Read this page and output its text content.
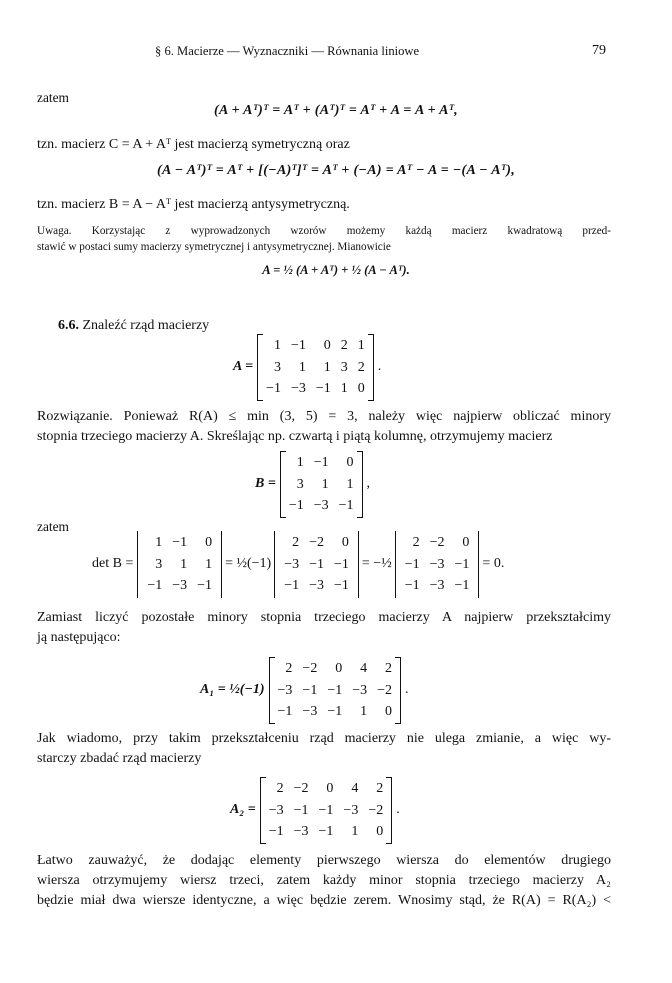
§ 6. Macierze — Wyznaczniki — Równania liniowe	79
zatem
(A + Aᵀ)ᵀ = Aᵀ + (Aᵀ)ᵀ = Aᵀ + A = A + Aᵀ,
tzn. macierz C = A + Aᵀ jest macierzą symetryczną oraz
(A − Aᵀ)ᵀ = Aᵀ + [(−A)ᵀ]ᵀ = Aᵀ + (−A) = Aᵀ − A = −(A − Aᵀ),
tzn. macierz B = A − Aᵀ jest macierzą antysymetryczną.
Uwaga. Korzystając z wyprowadzonych wzorów możemy każdą macierz kwadratową przed-
stawić w postaci sumy macierzy symetrycznej i antysymetrycznej. Mianowicie
A = ½ (A + Aᵀ) + ½ (A − Aᵀ).
6.6. Znaleźć rząd macierzy
A =
1	−1	0	2	1
3	1	1	3	2
−1	−3	−1	1	0
.
Rozwiązanie. Ponieważ R(A) ≤ min (3, 5) = 3, należy więc najpierw obliczać minory
stopnia trzeciego macierzy A. Skreślając np. czwartą i piątą kolumnę, otrzymujemy macierz
B =
1	−1	0
3	1	1
−1	−3	−1
,
zatem
det B =
1	−1	0
3	1	1
−1	−3	−1
= ½(−1)
2	−2	0
−3	−1	−1
−1	−3	−1
= −½
2	−2	0
−1	−3	−1
−1	−3	−1
= 0.
Zamiast liczyć pozostałe minory stopnia trzeciego macierzy A najpierw przekształcimy
ją następująco:
A₁ = ½(−1)
2	−2	0	4	2
−3	−1	−1	−3	−2
−1	−3	−1	1	0
.
Jak wiadomo, przy takim przekształceniu rząd macierzy nie ulega zmianie, a więc wy-
starczy zbadać rząd macierzy
A₂ =
2	−2	0	4	2
−3	−1	−1	−3	−2
−1	−3	−1	1	0
.
Łatwo zauważyć, że dodając elementy pierwszego wiersza do elementów drugiego
wiersza otrzymujemy wiersz trzeci, zatem każdy minor stopnia trzeciego macierzy A₂
będzie miał dwa wiersze identyczne, a więc będzie zerem. Wnosimy stąd, że R(A) = R(A₂) <
